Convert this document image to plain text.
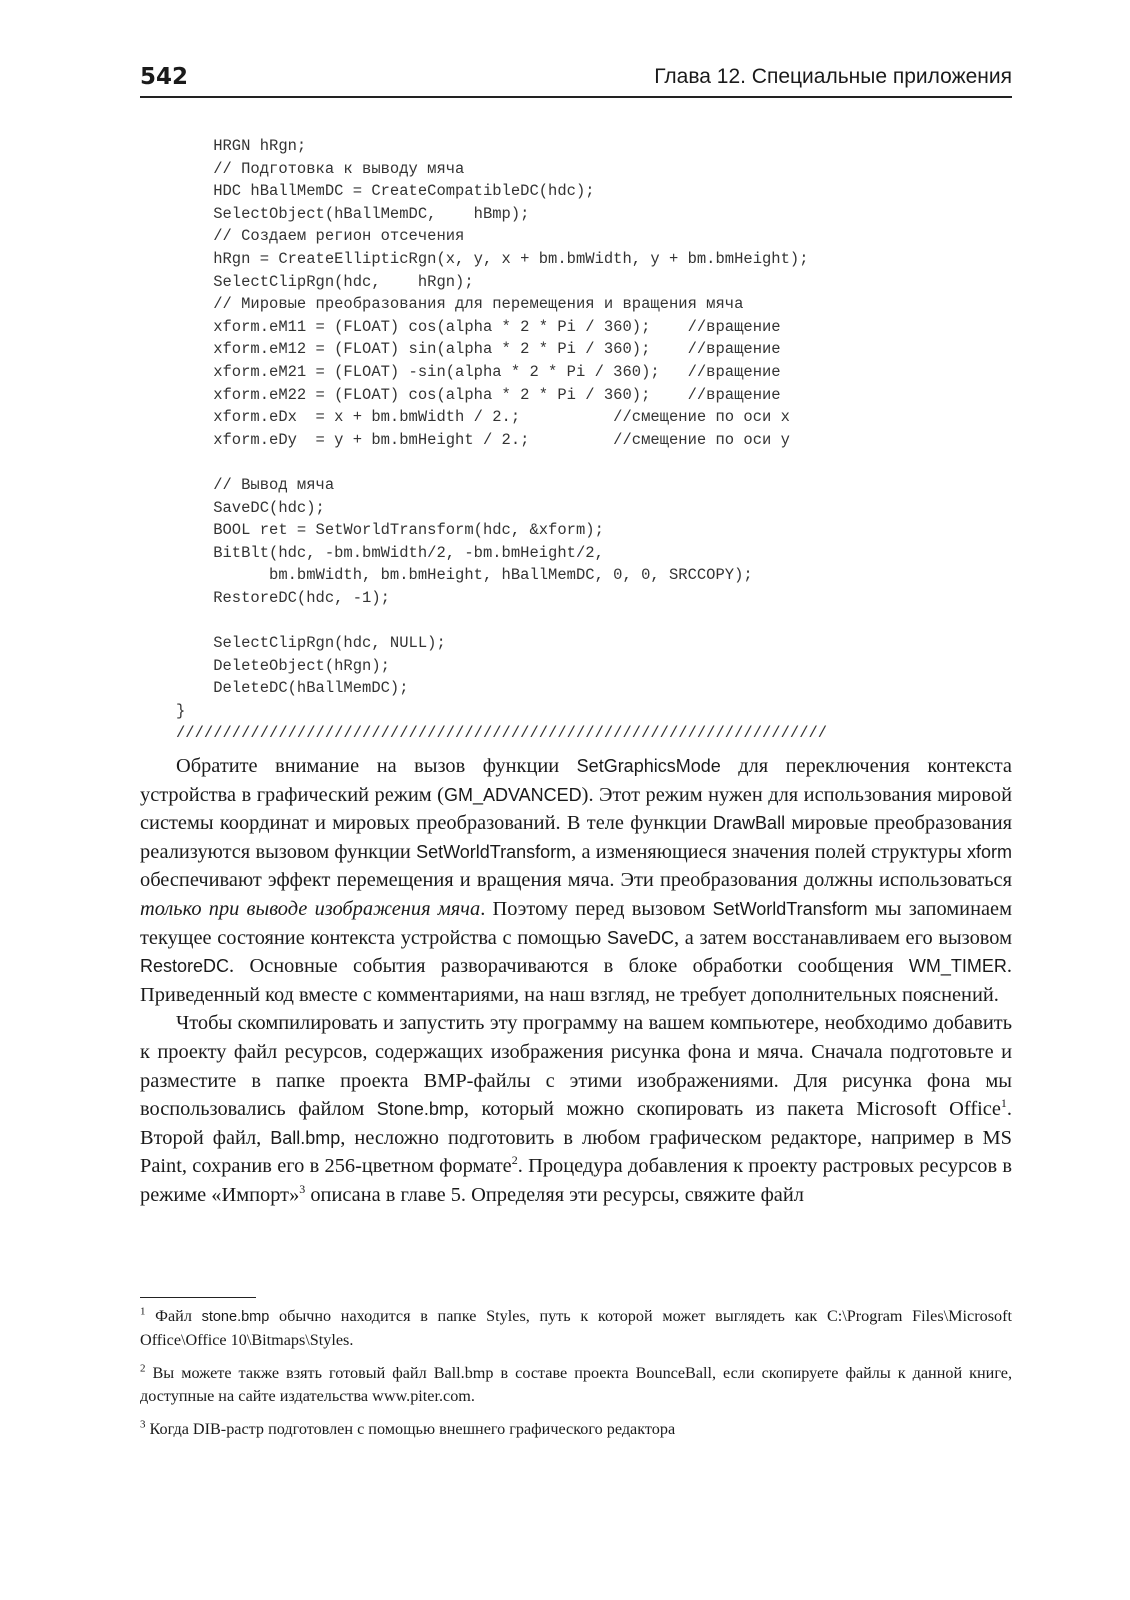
542	Глава 12. Специальные приложения
HRGN hRgn;
// Подготовка к выводу мяча
HDC hBallMemDC = CreateCompatibleDC(hdc);
SelectObject(hBallMemDC,    hBmp);
// Создаем регион отсечения
hRgn = CreateEllipticRgn(x, y, x + bm.bmWidth, y + bm.bmHeight);
SelectClipRgn(hdc,    hRgn);
// Мировые преобразования для перемещения и вращения мяча
xform.eM11 = (FLOAT) cos(alpha * 2 * Pi / 360);    //вращение
xform.eM12 = (FLOAT) sin(alpha * 2 * Pi / 360);    //вращение
xform.eM21 = (FLOAT) -sin(alpha * 2 * Pi / 360);   //вращение
xform.eM22 = (FLOAT) cos(alpha * 2 * Pi / 360);    //вращение
xform.eDx  = x + bm.bmWidth / 2.;          //смещение по оси x
xform.eDy  = y + bm.bmHeight / 2.;         //смещение по оси y

// Вывод мяча
SaveDC(hdc);
BOOL ret = SetWorldTransform(hdc, &xform);
BitBlt(hdc, -bm.bmWidth/2, -bm.bmHeight/2,
bm.bmWidth, bm.bmHeight, hBallMemDC, 0, 0, SRCCOPY);
RestoreDC(hdc, -1);

SelectClipRgn(hdc, NULL);
DeleteObject(hRgn);
DeleteDC(hBallMemDC);
}
//////////////////////////////////////////////////////////////////////

Обратите внимание на вызов функции SetGraphicsMode для переключения контекста устройства в графический режим (GM_ADVANCED). Этот режим нужен для использования мировой системы координат и мировых преобразований. В теле функции DrawBall мировые преобразования реализуются вызовом функции SetWorldTransform, а изменяющиеся значения полей структуры xform обеспечивают эффект перемещения и вращения мяча. Эти преобразования должны использоваться только при выводе изображения мяча. Поэтому перед вызовом SetWorldTransform мы запоминаем текущее состояние контекста устройства с помощью SaveDC, а затем восстанавливаем его вызовом RestoreDC. Основные события разворачиваются в блоке обработки сообщения WM_TIMER. Приведенный код вместе с комментариями, на наш взгляд, не требует дополнительных пояснений.

Чтобы скомпилировать и запустить эту программу на вашем компьютере, необходимо добавить к проекту файл ресурсов, содержащих изображения рисунка фона и мяча. Сначала подготовьте и разместите в папке проекта BMP-файлы с этими изображениями. Для рисунка фона мы воспользовались файлом Stone.bmp, который можно скопировать из пакета Microsoft Office$^1$. Второй файл, Ball.bmp, несложно подготовить в любом графическом редакторе, например в MS Paint, сохранив его в 256-цветном формате$^2$. Процедура добавления к проекту растровых ресурсов в режиме «Импорт»$^3$ описана в главе 5. Определяя эти ресурсы, свяжите файл

$^1$ Файл stone.bmp обычно находится в папке Styles, путь к которой может выглядеть как C:\Program Files\Microsoft Office\Office 10\Bitmaps\Styles.

$^2$ Вы можете также взять готовый файл Ball.bmp в составе проекта BounceBall, если скопируете файлы к данной книге, доступные на сайте издательства www.piter.com.

$^3$ Когда DIB-растр подготовлен с помощью внешнего графического редактора
